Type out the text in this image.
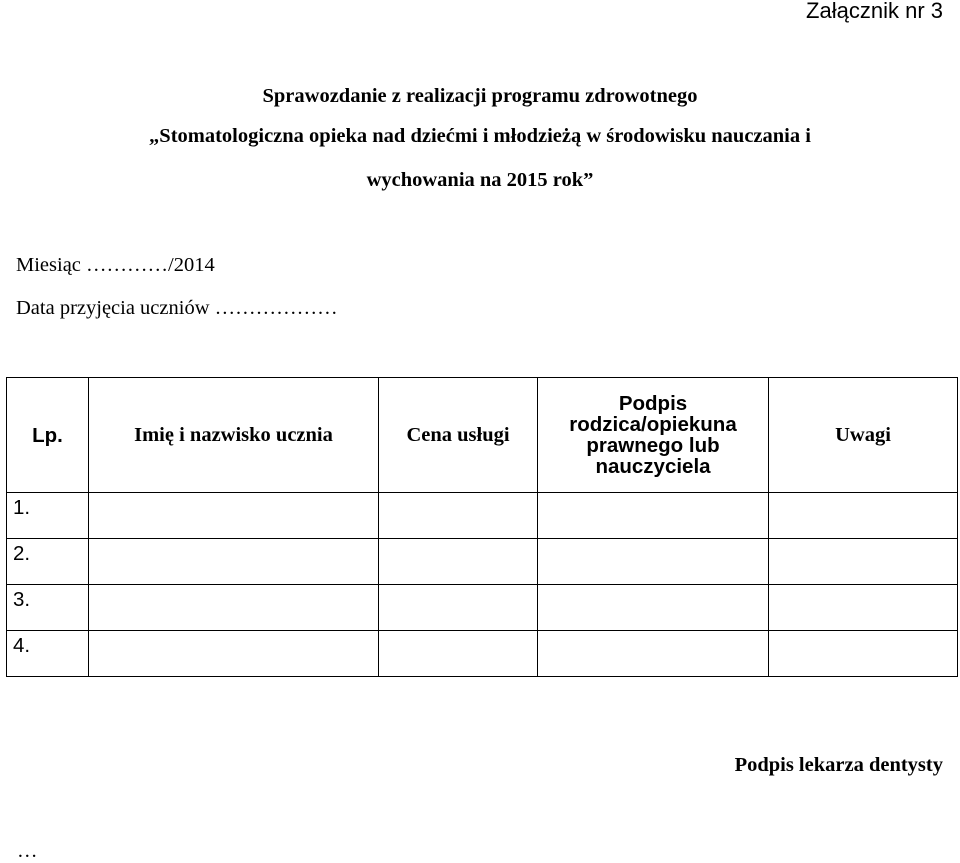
Załącznik nr 3
Sprawozdanie z realizacji programu zdrowotnego
„Stomatologiczna opieka nad dziećmi i młodzieżą w środowisku nauczania i
wychowania na 2015 rok”
Miesiąc …………/2014
Data przyjęcia uczniów ………………
Lp.	Imię i nazwisko ucznia	Cena usługi	Podpis
rodzica/opiekuna
prawnego lub
nauczyciela	Uwagi
1.				
2.				
3.				
4.				
Podpis lekarza dentysty
…
